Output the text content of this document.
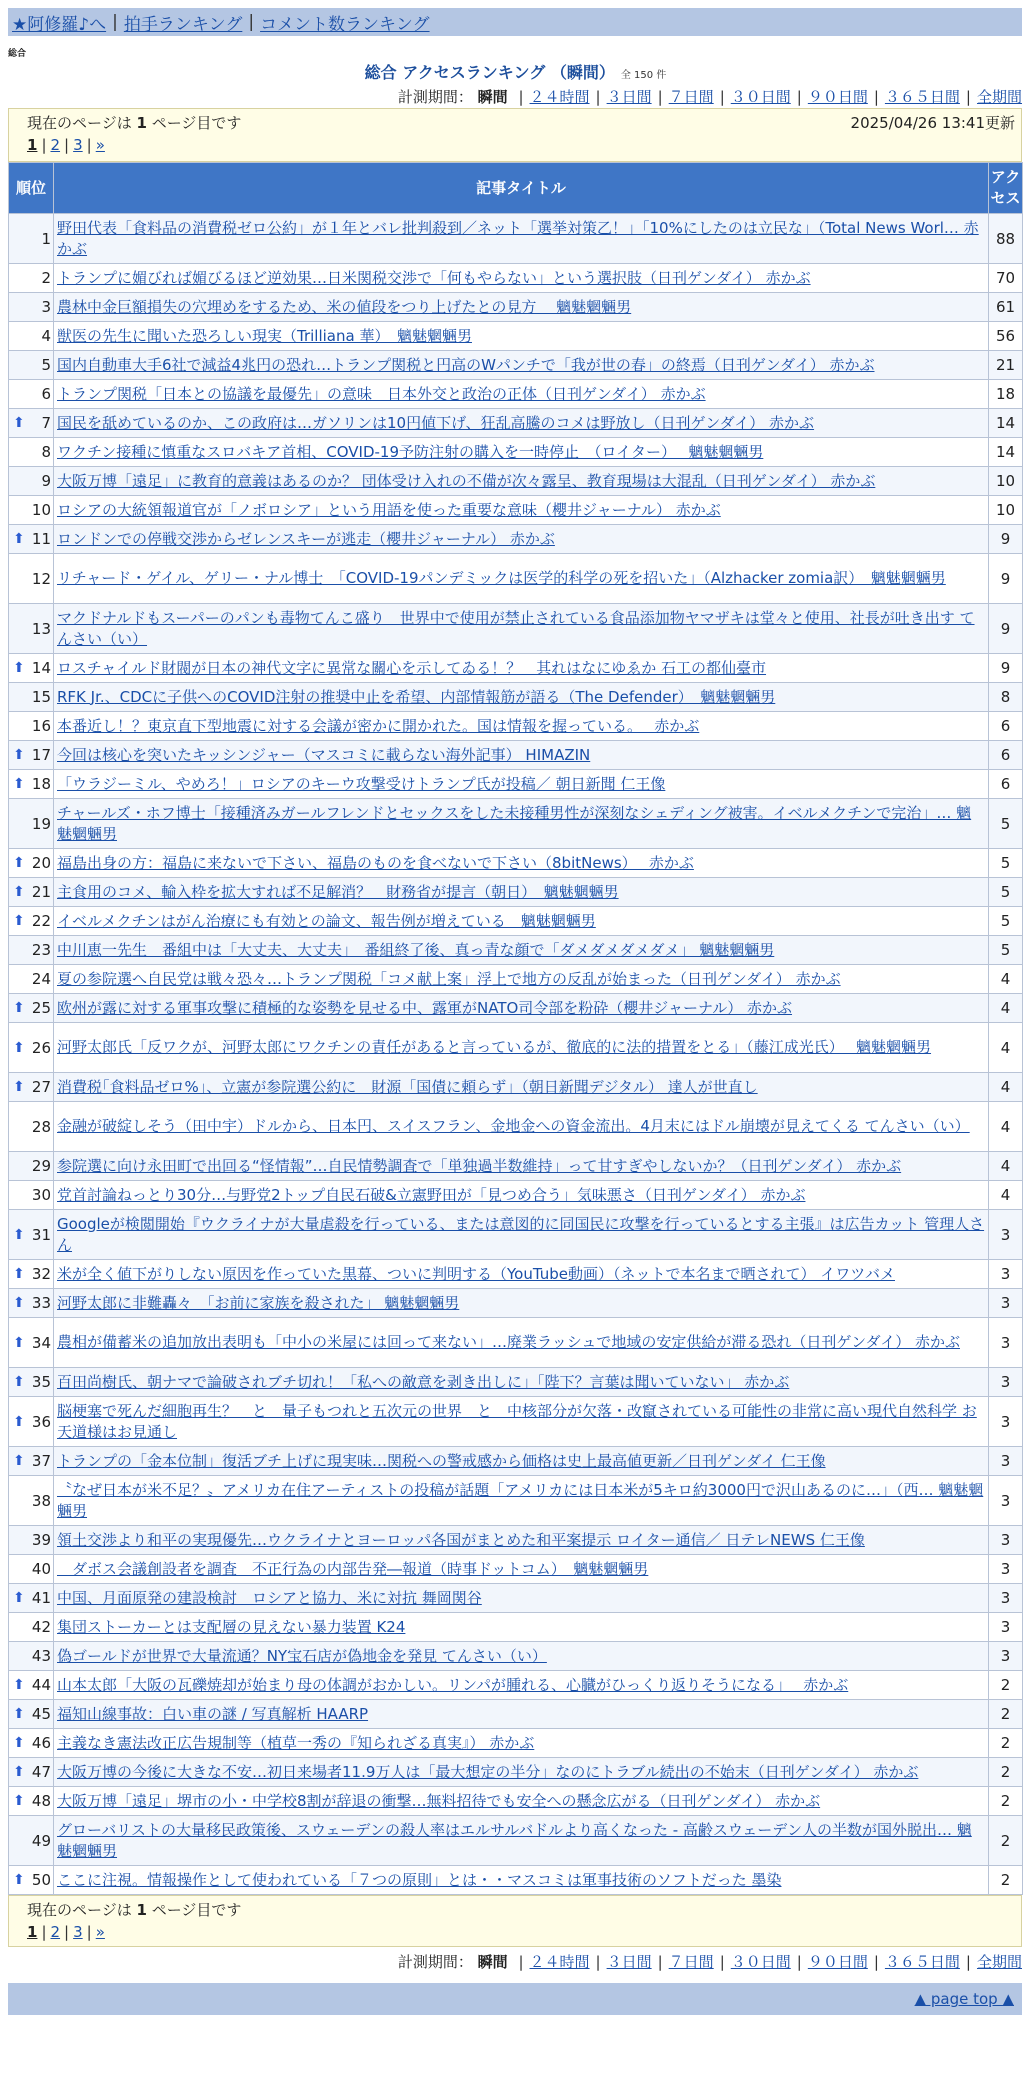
★阿修羅♪へ | 拍手ランキング | コメント数ランキング
総合
総合 アクセスランキング （瞬間） 全 150 件
計測期間： 瞬間 | ２４時間 | ３日間 | ７日間 | ３０日間 | ９０日間 | ３６５日間 | 全期間
現在のページは 1 ページ目です	2025/04/26 13:41更新
1 | 2 | 3 | »
順位	記事タイトル	アクセス
1	野田代表「食料品の消費税ゼロ公約」が１年とバレ批判殺到／ネット「選挙対策乙！」「10%にしたのは立民な」（Total News Worl… 赤かぶ	88
2	トランプに媚びれば媚びるほど逆効果…日米関税交渉で「何もやらない」という選択肢（日刊ゲンダイ） 赤かぶ	70
3	農林中金巨額損失の穴埋めをするため、米の値段をつり上げたとの見方　 魑魅魍魎男	61
4	獣医の先生に聞いた恐ろしい現実（Trilliana 華）　魑魅魍魎男	56
5	国内自動車大手6社で減益4兆円の恐れ…トランプ関税と円高のWパンチで「我が世の春」の終焉（日刊ゲンダイ） 赤かぶ	21
6	トランプ関税「日本との協議を最優先」の意味　日本外交と政治の正体（日刊ゲンダイ） 赤かぶ	18

⬆ 7	国民を舐めているのか、この政府は…ガソリンは10円値下げ、狂乱高騰のコメは野放し（日刊ゲンダイ） 赤かぶ	14
8	ワクチン接種に慎重なスロバキア首相、COVID-19予防注射の購入を一時停止　（ロイター）　 魑魅魍魎男	14
9	大阪万博「遠足」に教育的意義はあるのか？ 団体受け入れの不備が次々露呈、教育現場は大混乱（日刊ゲンダイ） 赤かぶ	10
10	ロシアの大統領報道官が「ノボロシア」という用語を使った重要な意味（櫻井ジャーナル） 赤かぶ	10

⬆ 11	ロンドンでの停戦交渉からゼレンスキーが逃走（櫻井ジャーナル） 赤かぶ	9
12	リチャード・ゲイル、ゲリー・ナル博士　「COVID-19パンデミックは医学的科学の死を招いた」（Alzhacker zomia訳）　魑魅魍魎男	9
13	マクドナルドもスーパーのパンも毒物てんこ盛り　世界中で使用が禁止されている食品添加物ヤマザキは堂々と使用、社長が吐き出す てんさい（い）	9

⬆ 14	ロスチャイルド財閥が日本の神代文字に異常な關心を示してゐる！？　其れはなにゆゑか 石工の都仙臺市	9
15	RFK Jr.、CDCに子供へのCOVID注射の推奨中止を希望、内部情報筋が語る（The Defender）　魑魅魍魎男	8
16	本番近し！？東京直下型地震に対する会議が密かに開かれた。国は情報を握っている。　 赤かぶ	6

⬆ 17	今回は核心を突いたキッシンジャー（マスコミに載らない海外記事） HIMAZIN	6

⬆ 18	「ウラジーミル、やめろ！」ロシアのキーウ攻撃受けトランプ氏が投稿／ 朝日新聞 仁王像	6
19	チャールズ・ホフ博士「接種済みガールフレンドとセックスをした未接種男性が深刻なシェディング被害。イベルメクチンで完治」… 魑魅魍魎男	5

⬆ 20	福島出身の方：福島に来ないで下さい、福島のものを食べないで下さい（8bitNews）　 赤かぶ	5

⬆ 21	主食用のコメ、輸入枠を拡大すれば不足解消？　財務省が提言（朝日）　魑魅魍魎男	5

⬆ 22	イベルメクチンはがん治療にも有効との論文、報告例が増えている　魑魅魍魎男	5
23	中川恵一先生　番組中は「大丈夫、大丈夫」　番組終了後、真っ青な顔で「ダメダメダメダメ」 魑魅魍魎男	5
24	夏の参院選へ自民党は戦々恐々…トランプ関税「コメ献上案」浮上で地方の反乱が始まった（日刊ゲンダイ） 赤かぶ	4

⬆ 25	欧州が露に対する軍事攻撃に積極的な姿勢を見せる中、露軍がNATO司令部を粉砕（櫻井ジャーナル） 赤かぶ	4

⬆ 26	河野太郎氏「反ワクが、河野太郎にワクチンの責任があると言っているが、徹底的に法的措置をとる」（藤江成光氏）　 魑魅魍魎男	4

⬆ 27	消費税｢食料品ゼロ%｣、立憲が参院選公約に　財源「国債に頼らず」（朝日新聞デジタル） 達人が世直し	4
28	金融が破綻しそう（田中宇）ドルから、日本円、スイスフラン、金地金への資金流出。4月末にはドル崩壊が見えてくる てんさい（い）	4
29	参院選に向け永田町で出回る“怪情報”…自民情勢調査で「単独過半数維持」って甘すぎやしないか？（日刊ゲンダイ） 赤かぶ	4
30	党首討論ねっとり30分…与野党2トップ自民石破&立憲野田が「見つめ合う」気味悪さ（日刊ゲンダイ） 赤かぶ	4

⬆ 31	Googleが検閲開始『ウクライナが大量虐殺を行っている、または意図的に同国民に攻撃を行っているとする主張』は広告カット 管理人さん	3

⬆ 32	米が全く値下がりしない原因を作っていた黒幕、ついに判明する（YouTube動画）（ネットで本名まで晒されて） イワツバメ	3

⬆ 33	河野太郎に非難轟々　「お前に家族を殺された」 魑魅魍魎男	3

⬆ 34	農相が備蓄米の追加放出表明も「中小の米屋には回って来ない」…廃業ラッシュで地域の安定供給が滞る恐れ（日刊ゲンダイ） 赤かぶ	3

⬆ 35	百田尚樹氏、朝ナマで論破されブチ切れ！「私への敵意を剥き出しに」「陛下？言葉は聞いていない」 赤かぶ	3

⬆ 36	脳梗塞で死んだ細胞再生？　と　量子もつれと五次元の世界　と　中核部分が欠落・改竄されている可能性の非常に高い現代自然科学 お天道様はお見通し	3

⬆ 37	トランプの「金本位制」復活ブチ上げに現実味…関税への警戒感から価格は史上最高値更新／日刊ゲンダイ 仁王像	3
38	〝なぜ日本が米不足？〟アメリカ在住アーティストの投稿が話題「アメリカには日本米が5キロ約3000円で沢山あるのに…」（西… 魑魅魍魎男	3
39	領土交渉より和平の実現優先…ウクライナとヨーロッパ各国がまとめた和平案提示 ロイター通信／ 日テレNEWS 仁王像	3
40	　ダボス会議創設者を調査　不正行為の内部告発―報道（時事ドットコム）　魑魅魍魎男	3

⬆ 41	中国、月面原発の建設検討　ロシアと協力、米に対抗 舞岡関谷	3
42	集団ストーカーとは支配層の見えない暴力装置 K24	3
43	偽ゴールドが世界で大量流通？NY宝石店が偽地金を発見 てんさい（い）	3

⬆ 44	山本太郎「大阪の瓦礫焼却が始まり母の体調がおかしい。リンパが腫れる、心臓がひっくり返りそうになる」　 赤かぶ	2

⬆ 45	福知山線事故：白い車の謎 / 写真解析 HAARP	2

⬆ 46	主義なき憲法改正広告規制等（植草一秀の『知られざる真実』） 赤かぶ	2

⬆ 47	大阪万博の今後に大きな不安…初日来場者11.9万人は「最大想定の半分」なのにトラブル続出の不始末（日刊ゲンダイ） 赤かぶ	2

⬆ 48	大阪万博「遠足」堺市の小・中学校8割が辞退の衝撃…無料招待でも安全への懸念広がる（日刊ゲンダイ） 赤かぶ	2
49	グローバリストの大量移民政策後、スウェーデンの殺人率はエルサルバドルより高くなった - 高齢スウェーデン人の半数が国外脱出… 魑魅魍魎男	2

⬆ 50	ここに注視。情報操作として使われている「７つの原則」とは・・マスコミは軍事技術のソフトだった 墨染	2
現在のページは 1 ページ目です
1 | 2 | 3 | »
計測期間： 瞬間 | ２４時間 | ３日間 | ７日間 | ３０日間 | ９０日間 | ３６５日間 | 全期間
▲ page top ▲
